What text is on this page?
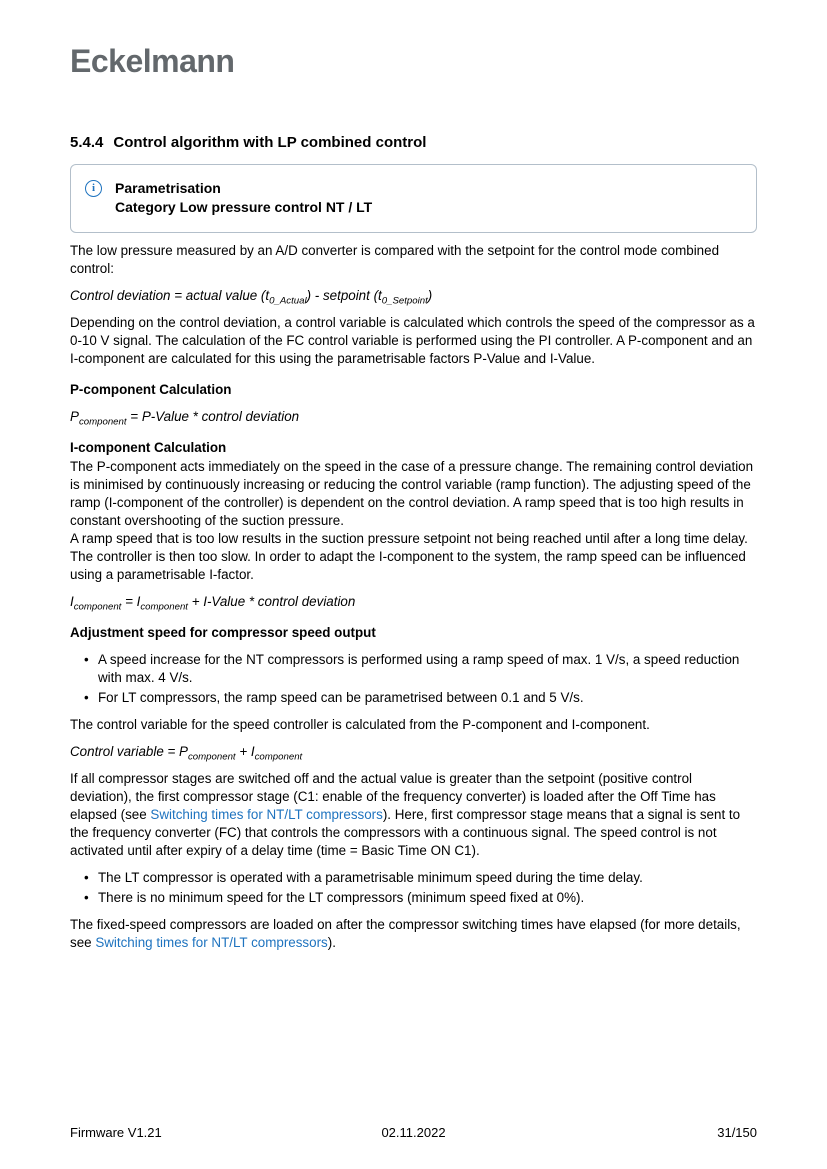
Eckelmann
5.4.4 Control algorithm with LP combined control
i	Parametrisation
Category Low pressure control NT / LT

The low pressure measured by an A/D converter is compared with the setpoint for the control mode combined control:

Control deviation = actual value $(t_{0\_Actual})$ - setpoint $(t_{0\_Setpoint})$

Depending on the control deviation, a control variable is calculated which controls the speed of the compressor as a 0-10 V signal. The calculation of the FC control variable is performed using the PI controller. A P-component and an I-component are calculated for this using the parametrisable factors P-Value and I-Value.

P-component Calculation

$P_{component}$ = P-Value * control deviation

I-component Calculation

The P-component acts immediately on the speed in the case of a pressure change. The remaining control deviation is minimised by continuously increasing or reducing the control variable (ramp function). The adjusting speed of the ramp (I-component of the controller) is dependent on the control deviation. A ramp speed that is too high results in constant overshooting of the suction pressure.
A ramp speed that is too low results in the suction pressure setpoint not being reached until after a long time delay. The controller is then too slow. In order to adapt the I-component to the system, the ramp speed can be influenced using a parametrisable I-factor.

$I_{component} = I_{component}$ + I-Value * control deviation

Adjustment speed for compressor speed output

• A speed increase for the NT compressors is performed using a ramp speed of max. 1 V/s, a speed reduction with max. 4 V/s.
• For LT compressors, the ramp speed can be parametrised between 0.1 and 5 V/s.

The control variable for the speed controller is calculated from the P-component and I-component.

Control variable = $P_{component} + I_{component}$

If all compressor stages are switched off and the actual value is greater than the setpoint (positive control deviation), the first compressor stage (C1: enable of the frequency converter) is loaded after the Off Time has elapsed (see Switching times for NT/LT compressors). Here, first compressor stage means that a signal is sent to the frequency converter (FC) that controls the compressors with a continuous signal. The speed control is not activated until after expiry of a delay time (time = Basic Time ON C1).

• The LT compressor is operated with a parametrisable minimum speed during the time delay.
• There is no minimum speed for the LT compressors (minimum speed fixed at 0%).

The fixed-speed compressors are loaded on after the compressor switching times have elapsed (for more details, see Switching times for NT/LT compressors).

Firmware V1.21	02.11.2022	31/150
